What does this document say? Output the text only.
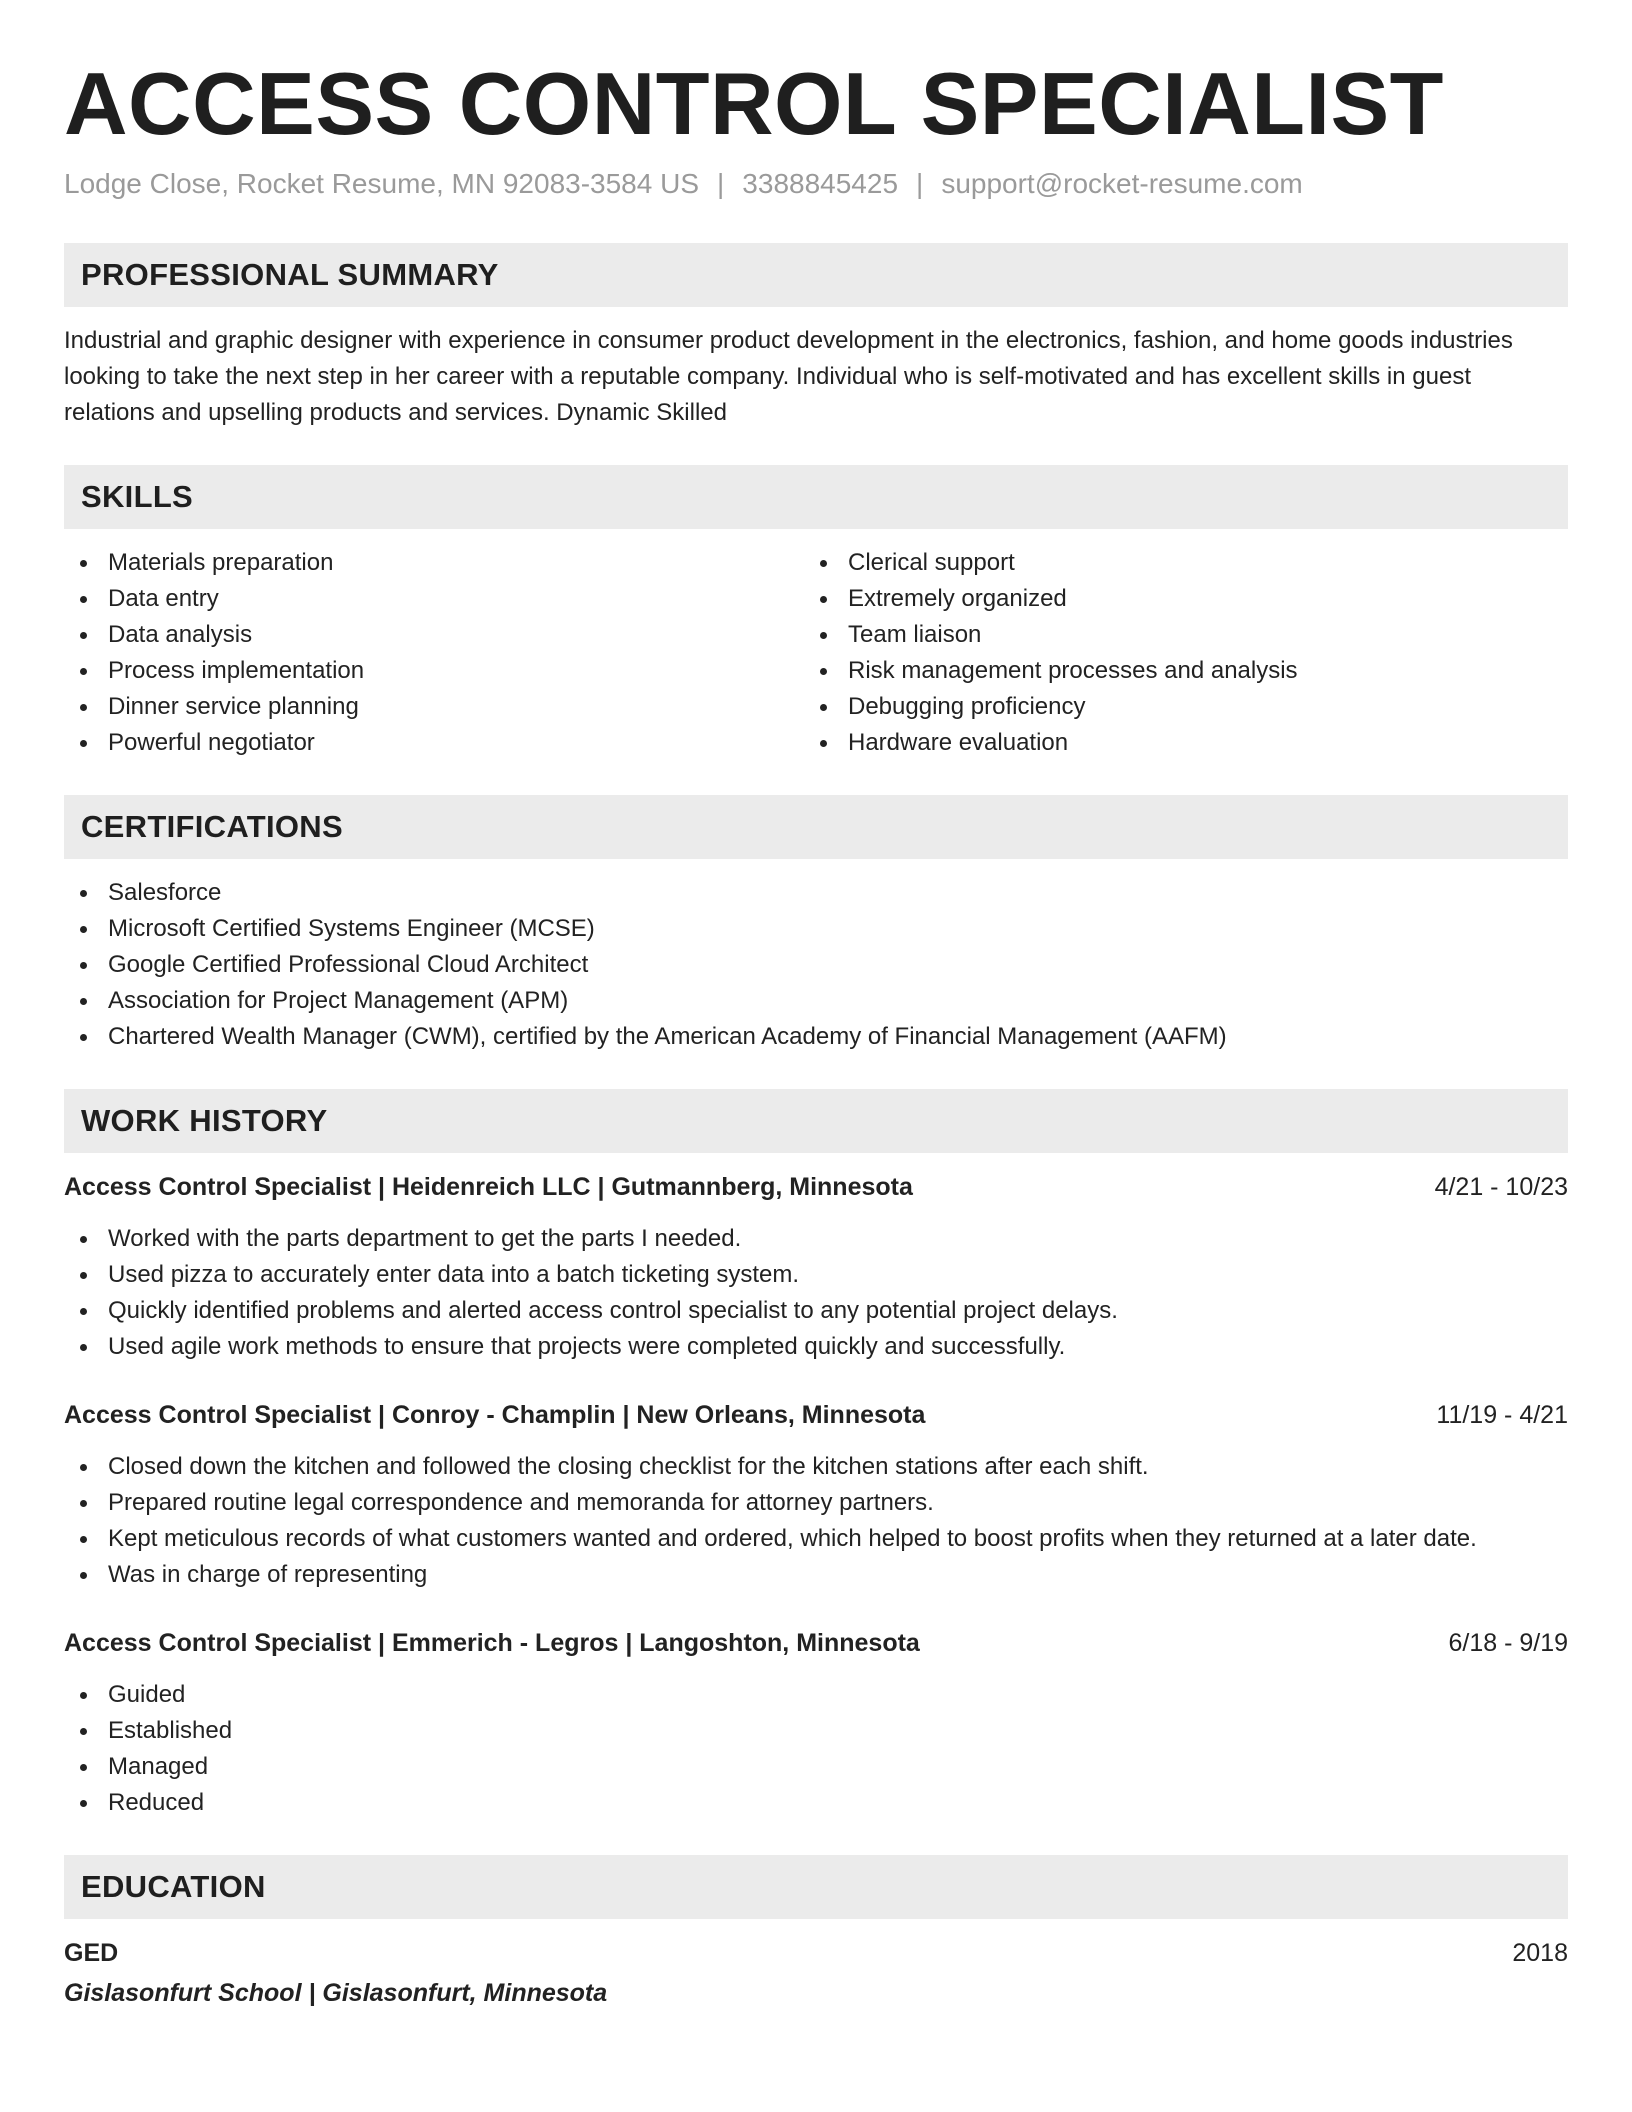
ACCESS CONTROL SPECIALIST
Lodge Close, Rocket Resume, MN 92083-3584 US | 3388845425 | support@rocket-resume.com
PROFESSIONAL SUMMARY

Industrial and graphic designer with experience in consumer product development in the electronics, fashion, and home goods industries looking to take the next step in her career with a reputable company. Individual who is self-motivated and has excellent skills in guest relations and upselling products and services. Dynamic Skilled

SKILLS
Materials preparation
Data entry
Data analysis
Process implementation
Dinner service planning
Powerful negotiator
Clerical support
Extremely organized
Team liaison
Risk management processes and analysis
Debugging proficiency
Hardware evaluation
CERTIFICATIONS
Salesforce
Microsoft Certified Systems Engineer (MCSE)
Google Certified Professional Cloud Architect
Association for Project Management (APM)
Chartered Wealth Manager (CWM), certified by the American Academy of Financial Management (AAFM)
WORK HISTORY
Access Control Specialist | Heidenreich LLC | Gutmannberg, Minnesota	4/21 - 10/23
Worked with the parts department to get the parts I needed.
Used pizza to accurately enter data into a batch ticketing system.
Quickly identified problems and alerted access control specialist to any potential project delays.
Used agile work methods to ensure that projects were completed quickly and successfully.
Access Control Specialist | Conroy - Champlin | New Orleans, Minnesota	11/19 - 4/21
Closed down the kitchen and followed the closing checklist for the kitchen stations after each shift.
Prepared routine legal correspondence and memoranda for attorney partners.
Kept meticulous records of what customers wanted and ordered, which helped to boost profits when they returned at a later date.
Was in charge of representing
Access Control Specialist | Emmerich - Legros | Langoshton, Minnesota	6/18 - 9/19
Guided
Established
Managed
Reduced
EDUCATION
GED	2018
Gislasonfurt School | Gislasonfurt, Minnesota
